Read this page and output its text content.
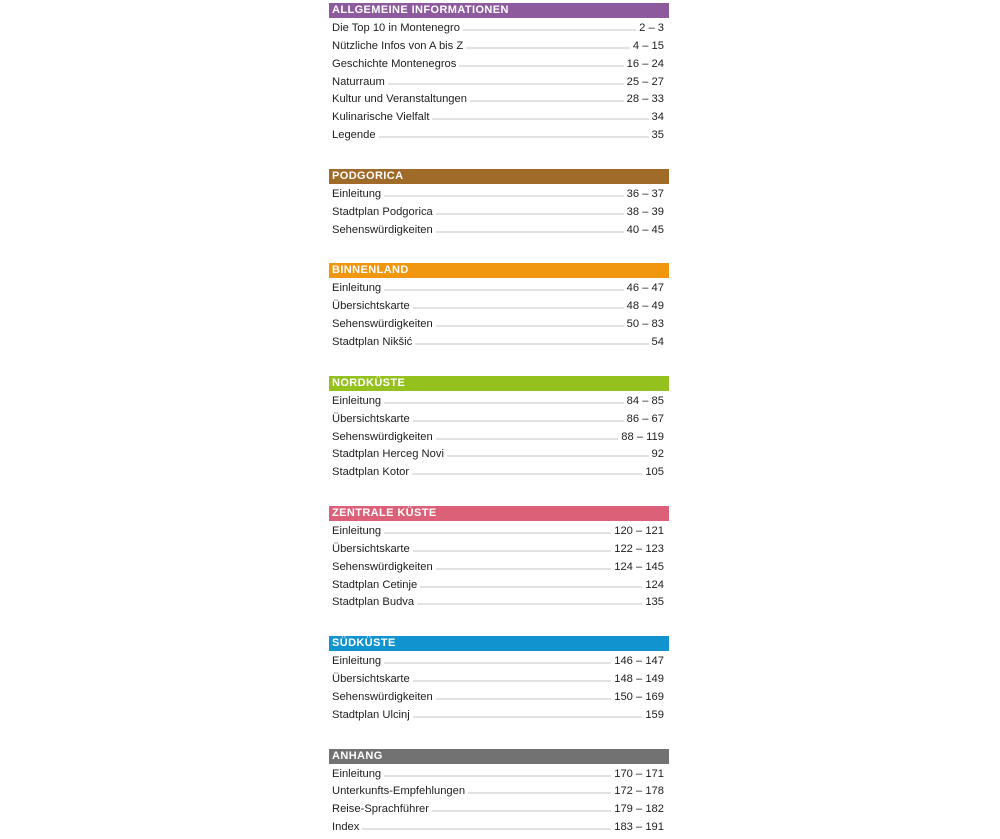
ALLGEMEINE INFORMATIONEN
Die Top 10 in Montenegro	2 – 3
Nützliche Infos von A bis Z	4 – 15
Geschichte Montenegros	16 – 24
Naturraum	25 – 27
Kultur und Veranstaltungen	28 – 33
Kulinarische Vielfalt	34
Legende	35
PODGORICA
Einleitung	36 – 37
Stadtplan Podgorica	38 – 39
Sehenswürdigkeiten	40 – 45
BINNENLAND
Einleitung	46 – 47
Übersichtskarte	48 – 49
Sehenswürdigkeiten	50 – 83
Stadtplan Nikšić	54
NORDKÜSTE
Einleitung	84 – 85
Übersichtskarte	86 – 67
Sehenswürdigkeiten	88 – 119
Stadtplan Herceg Novi	92
Stadtplan Kotor	105
ZENTRALE KÜSTE
Einleitung	120 – 121
Übersichtskarte	122 – 123
Sehenswürdigkeiten	124 – 145
Stadtplan Cetinje	124
Stadtplan Budva	135
SÜDKÜSTE
Einleitung	146 – 147
Übersichtskarte	148 – 149
Sehenswürdigkeiten	150 – 169
Stadtplan Ulcinj	159
ANHANG
Einleitung	170 – 171
Unterkunfts-Empfehlungen	172 – 178
Reise-Sprachführer	179 – 182
Index	183 – 191
